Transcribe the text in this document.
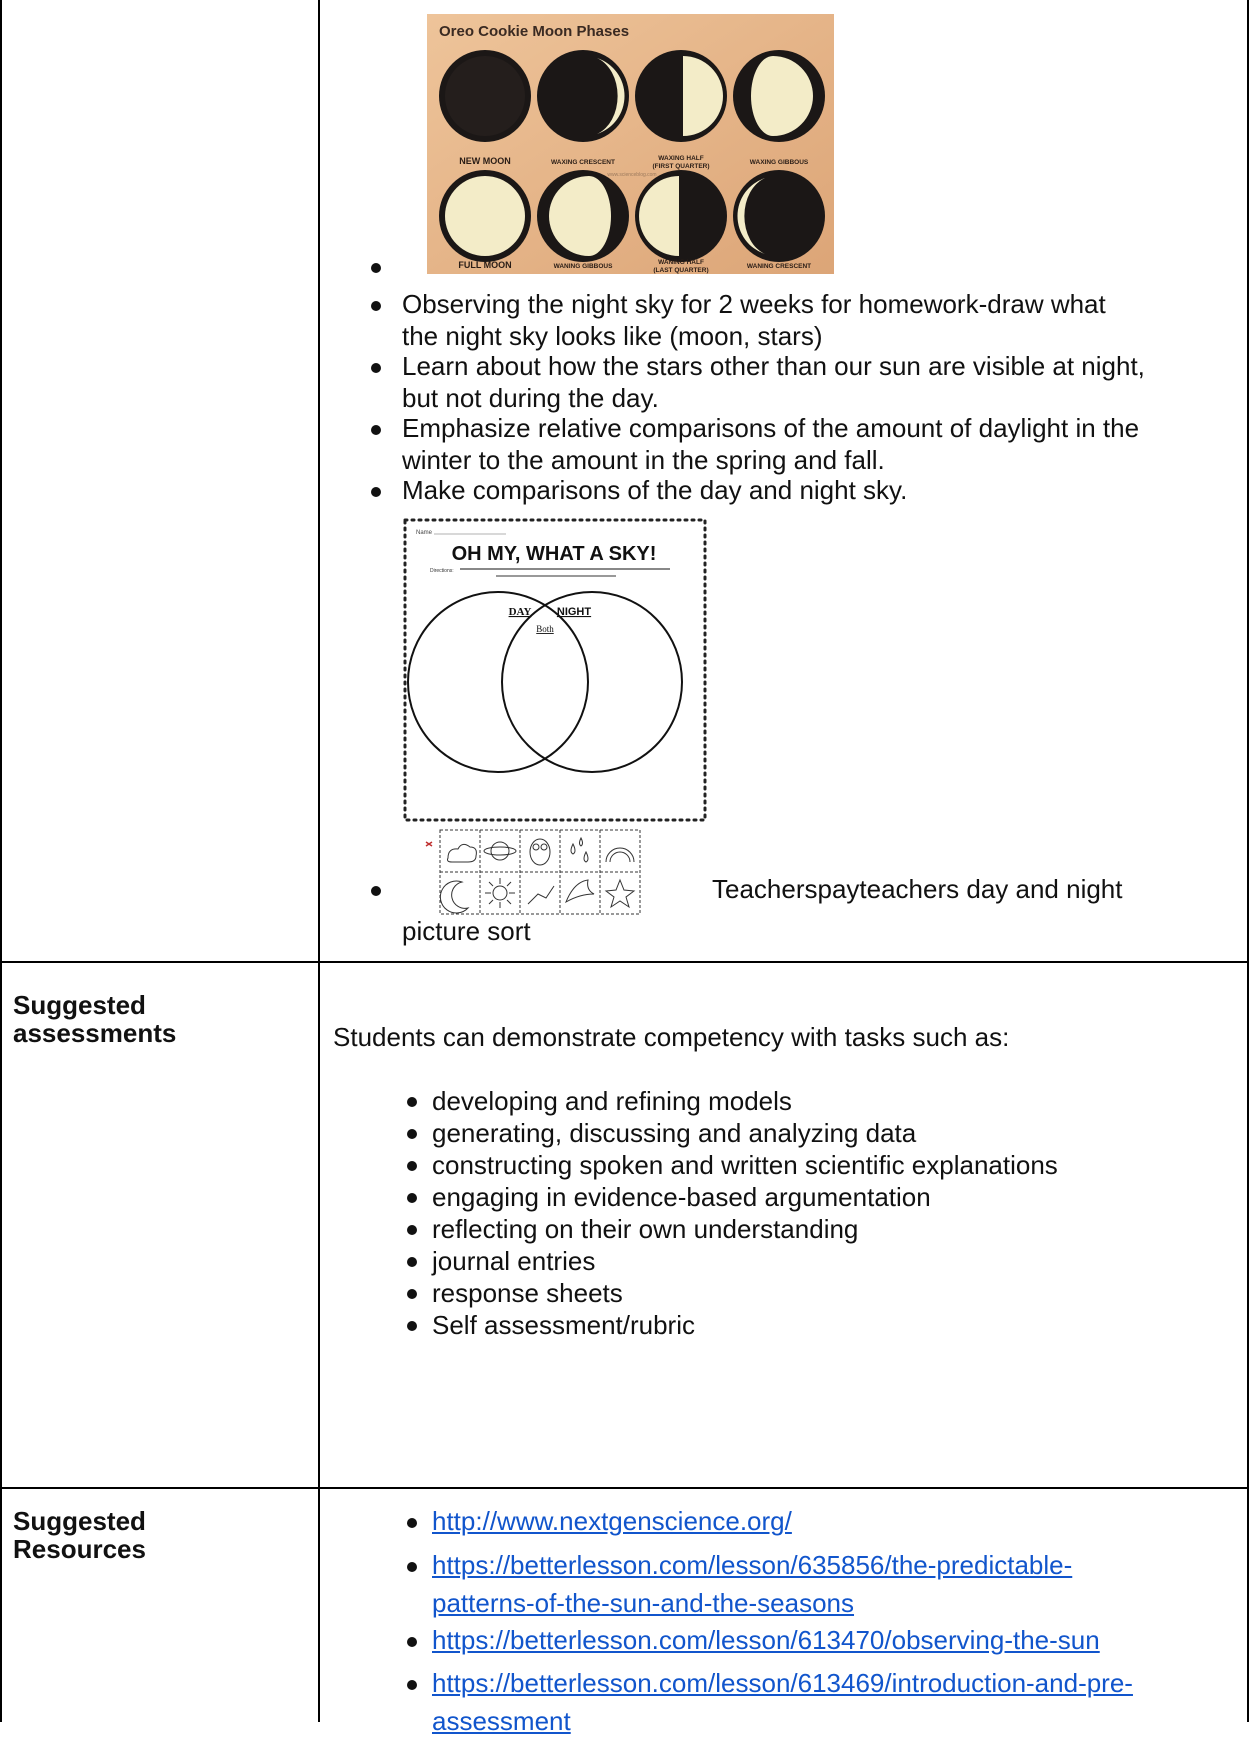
Oreo Cookie Moon Phases
NEW MOON	WAXING CRESCENT
WAXING HALF
(FIRST QUARTER)
WAXING GIBBOUS
www.scienceblog.com
FULL MOON	WANING GIBBOUS
WANING HALF
(LAST QUARTER)
WANING CRESCENT
Observing the night sky for 2 weeks for homework-draw what
the night sky looks like (moon, stars)
Learn about how the stars other than our sun are visible at night,
but not during the day.
Emphasize relative comparisons of the amount of daylight in the
winter to the amount in the spring and fall.
Make comparisons of the day and night sky.
Name
OH MY, WHAT A SKY!
Directions:
DAY NIGHT
Both
Teacherspayteachers day and night
picture sort
Suggested
assessments	Students can demonstrate competency with tasks such as:
developing and refining models
generating, discussing and analyzing data
constructing spoken and written scientific explanations
engaging in evidence-based argumentation
reflecting on their own understanding
journal entries
response sheets
Self assessment/rubric
Suggested
Resources
http://www.nextgenscience.org/
https://betterlesson.com/lesson/635856/the-predictable-
patterns-of-the-sun-and-the-seasons
https://betterlesson.com/lesson/613470/observing-the-sun
https://betterlesson.com/lesson/613469/introduction-and-pre-
assessment
